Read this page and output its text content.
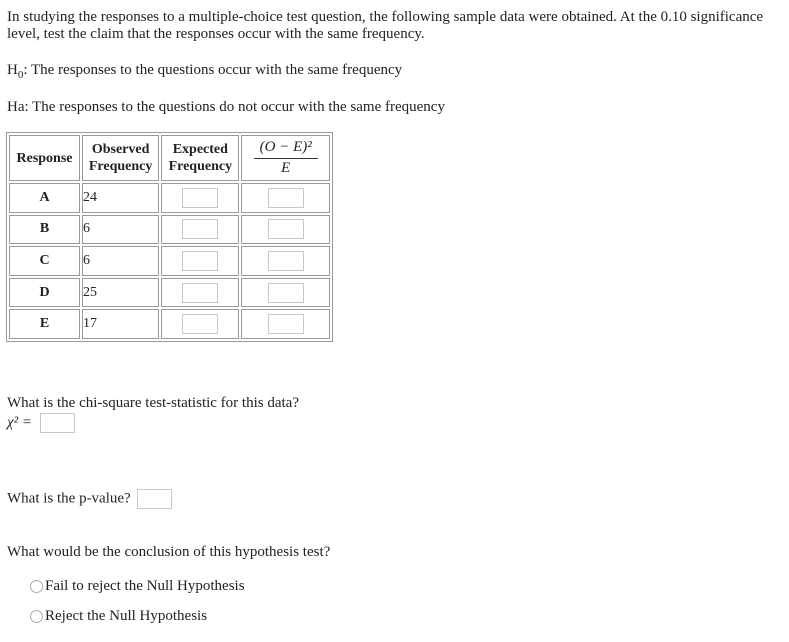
In studying the responses to a multiple-choice test question, the following sample data were obtained. At the 0.10 significance level, test the claim that the responses occur with the same frequency.
$H_0$: The responses to the questions occur with the same frequency
Ha: The responses to the questions do not occur with the same frequency
Response	Observed Frequency	Expected Frequency	$\frac{\text{(O − E)²}}{E}$

A	24		
B	6		
C	6		
D	25		
E	17		
What is the chi-square test-statistic for this data?
χ² =
What is the p-value?
What would be the conclusion of this hypothesis test?
Fail to reject the Null Hypothesis
Reject the Null Hypothesis
